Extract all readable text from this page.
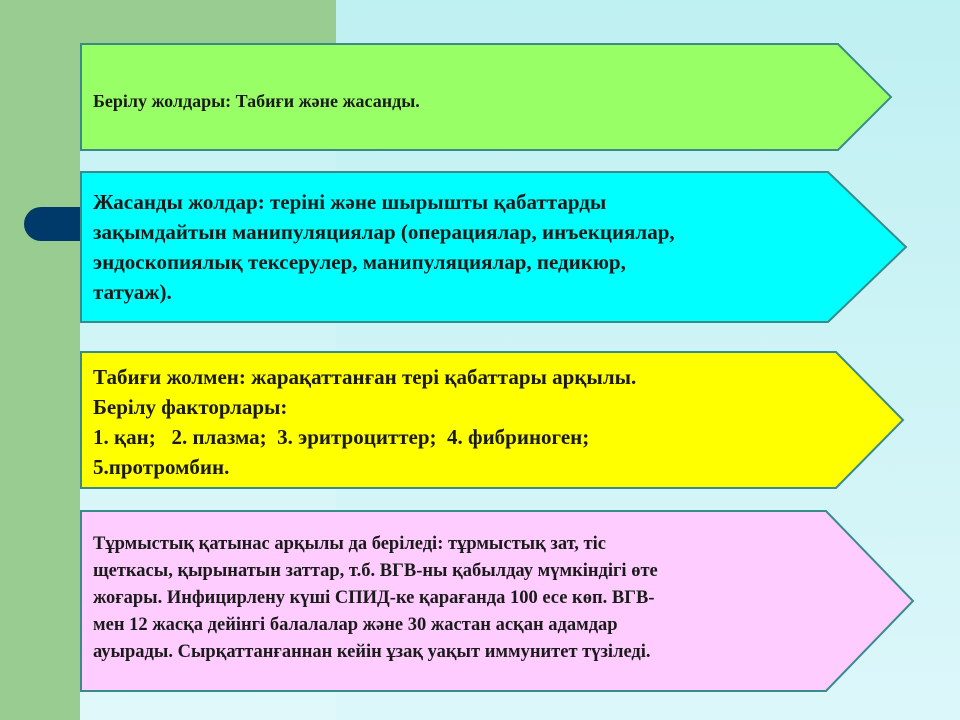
Берілу жолдары: Табиғи және жасанды.
Жасанды жолдар: теріні және шырышты қабаттарды
зақымдайтын манипуляциялар (операциялар, инъекциялар,
эндоскопиялық тексерулер, манипуляциялар, педикюр,
татуаж).
Табиғи жолмен: жарақаттанған тері қабаттары арқылы.
Берілу факторлары:
1. қан;   2. плазма;  3. эритроциттер;  4. фибриноген;
5.протромбин.
Тұрмыстық қатынас арқылы да беріледі: тұрмыстық зат, тіс
щеткасы, қырынатын заттар, т.б. ВГВ-ны қабылдау мүмкіндігі өте
жоғары. Инфицирлену күші СПИД-ке қарағанда 100 есе көп. ВГВ-
мен 12 жасқа дейінгі балалалар және 30 жастан асқан адамдар
ауырады. Сырқаттанғаннан кейін ұзақ уақыт иммунитет түзіледі.
